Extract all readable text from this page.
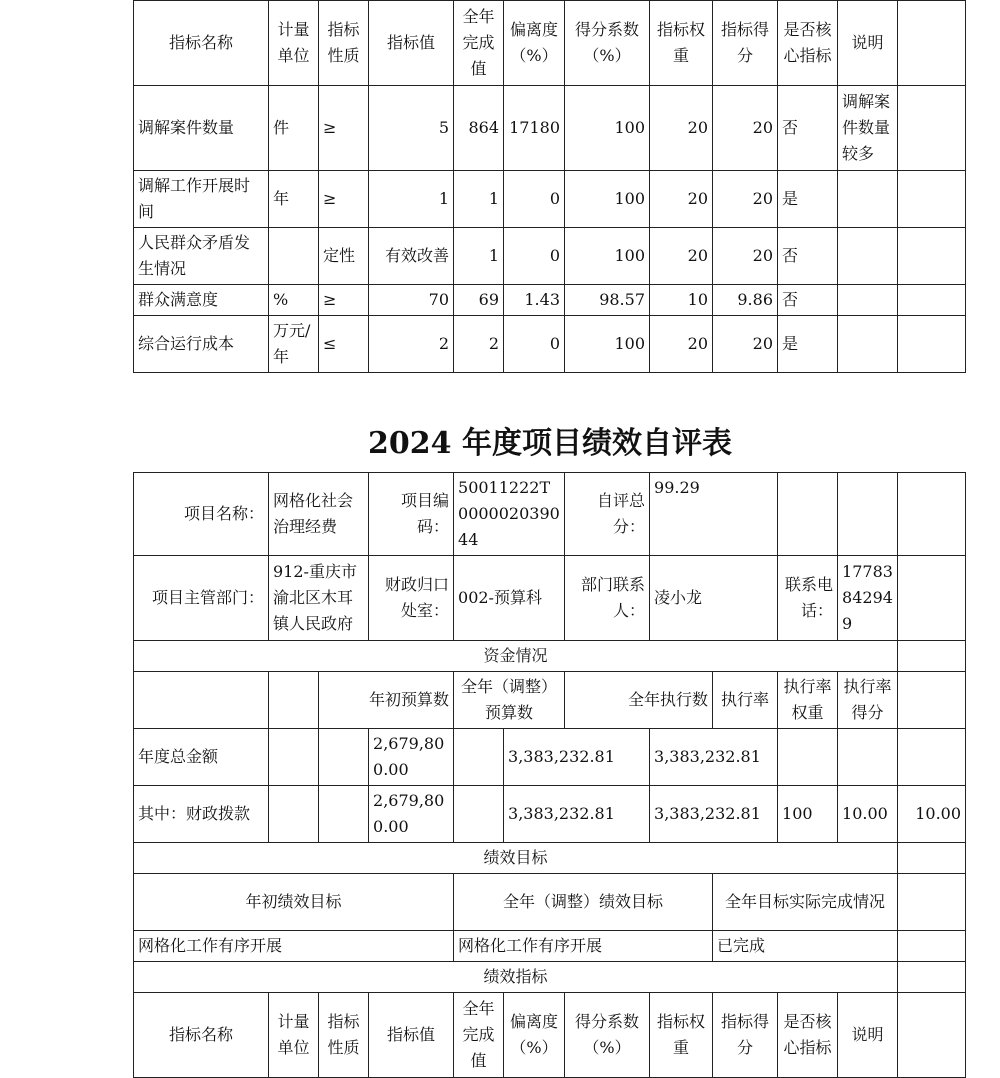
指标名称	计量单位	指标性质	指标值	全年完成值	偏离度（%）	得分系数（%）	指标权重	指标得分	是否核心指标	说明	
调解案件数量	件	≥	5	864	17180	100	20	20	否	调解案件数量较多	
调解工作开展时间	年	≥	1	1	0	100	20	20	是		
人民群众矛盾发生情况		定性	有效改善	1	0	100	20	20	否		
群众满意度	%	≥	70	69	1.43	98.57	10	9.86	否		
综合运行成本	万元/年	≤	2	2	0	100	20	20	是		
2024 年度项目绩效自评表
项目名称：	网格化社会治理经费		项目编码：	50011222T000002039044		自评总分：	99.29				
项目主管部门：	912-重庆市渝北区木耳镇人民政府		财政归口处室：	002-预算科		部门联系人：	凌小龙		联系电话：	17783842949	
资金情况											
		年初预算数		全年（调整）预算数		全年执行数		执行率	执行率权重	执行率得分	
年度总金额			2,679,800.00		3,383,232.81		3,383,232.81				
其中：财政拨款			2,679,800.00		3,383,232.81		3,383,232.81		100	10.00	10.00
绩效目标											
年初绩效目标				全年（调整）绩效目标				全年目标实际完成情况			
网格化工作有序开展				网格化工作有序开展				已完成			
绩效指标											
指标名称	计量单位	指标性质	指标值	全年完成值	偏离度（%）	得分系数（%）	指标权重	指标得分	是否核心指标	说明	
